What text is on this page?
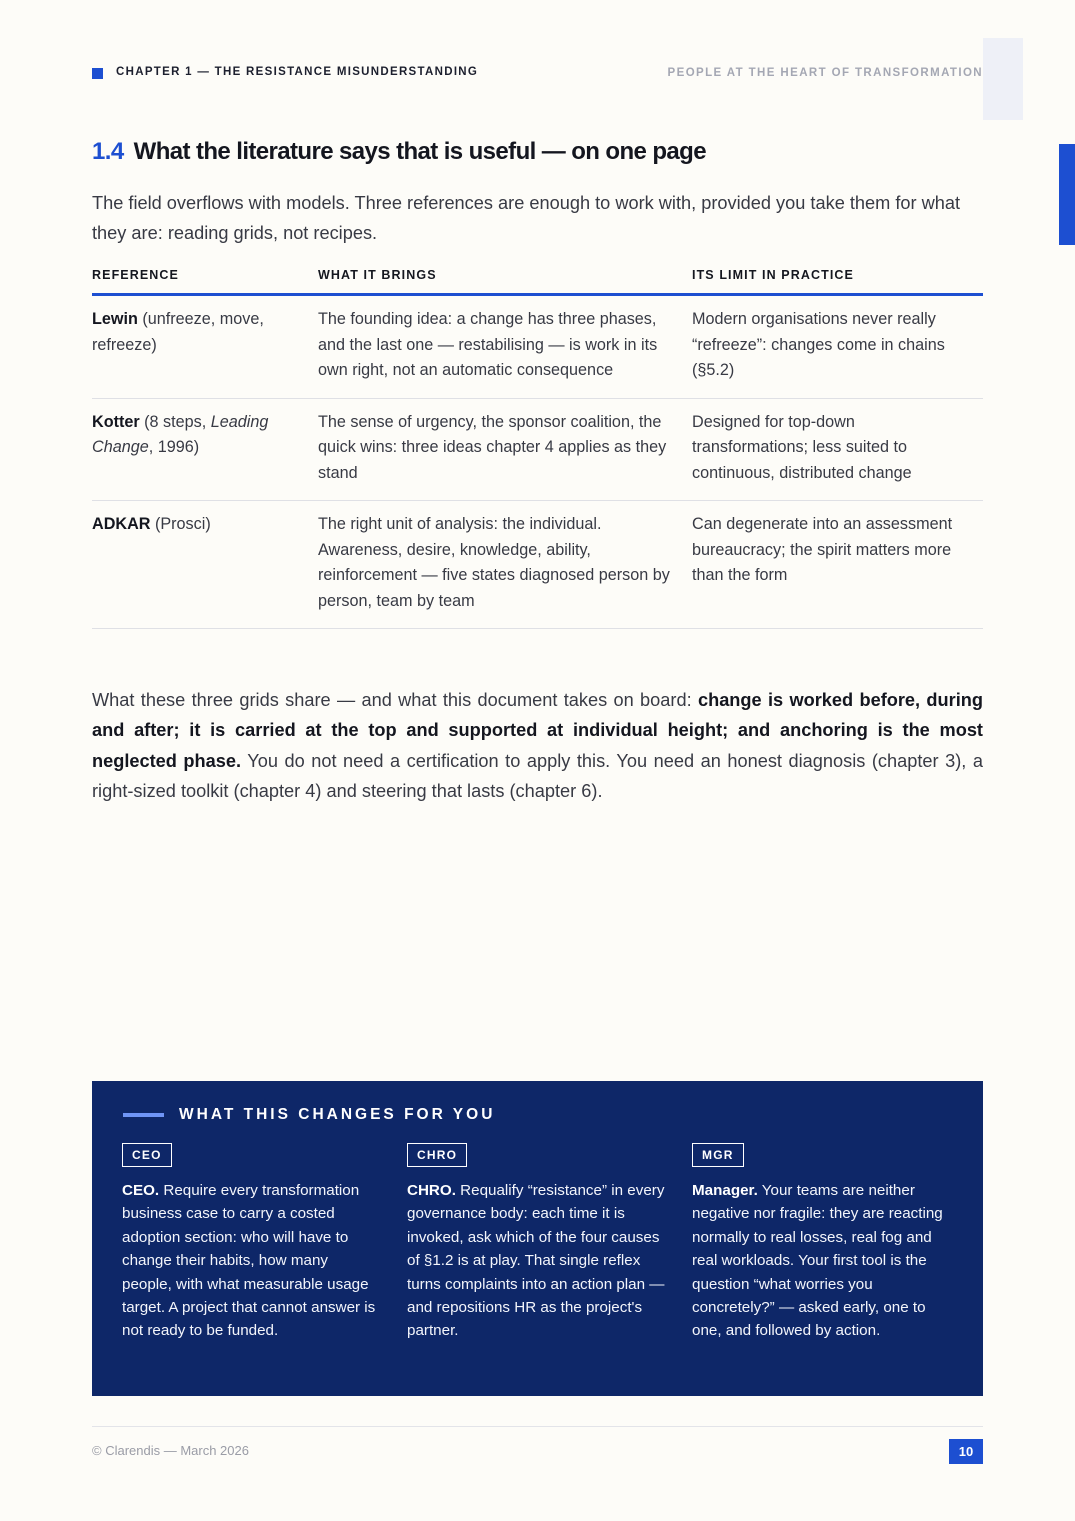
CHAPTER 1 — THE RESISTANCE MISUNDERSTANDING	PEOPLE AT THE HEART OF TRANSFORMATION
1.4 What the literature says that is useful — on one page

The field overflows with models. Three references are enough to work with, provided you take them for what they are: reading grids, not recipes.

REFERENCE	WHAT IT BRINGS	ITS LIMIT IN PRACTICE
Lewin (unfreeze, move, refreeze)	The founding idea: a change has three phases, and the last one — restabilising — is work in its own right, not an automatic consequence	Modern organisations never really “refreeze”: changes come in chains (§5.2)
Kotter (8 steps, Leading Change, 1996)	The sense of urgency, the sponsor coalition, the quick wins: three ideas chapter 4 applies as they stand	Designed for top-down transformations; less suited to continuous, distributed change
ADKAR (Prosci)	The right unit of analysis: the individual. Awareness, desire, knowledge, ability, reinforcement — five states diagnosed person by person, team by team	Can degenerate into an assessment bureaucracy; the spirit matters more than the form

What these three grids share — and what this document takes on board: change is worked before, during and after; it is carried at the top and supported at individual height; and anchoring is the most neglected phase. You do not need a certification to apply this. You need an honest diagnosis (chapter 3), a right-sized toolkit (chapter 4) and steering that lasts (chapter 6).

WHAT THIS CHANGES FOR YOU
CEO

CEO. Require every transformation business case to carry a costed adoption section: who will have to change their habits, how many people, with what measurable usage target. A project that cannot answer is not ready to be funded.

CHRO

CHRO. Requalify “resistance” in every governance body: each time it is invoked, ask which of the four causes of §1.2 is at play. That single reflex turns complaints into an action plan — and repositions HR as the project's partner.

MGR

Manager. Your teams are neither negative nor fragile: they are reacting normally to real losses, real fog and real workloads. Your first tool is the question “what worries you concretely?” — asked early, one to one, and followed by action.

© Clarendis — March 2026	10
